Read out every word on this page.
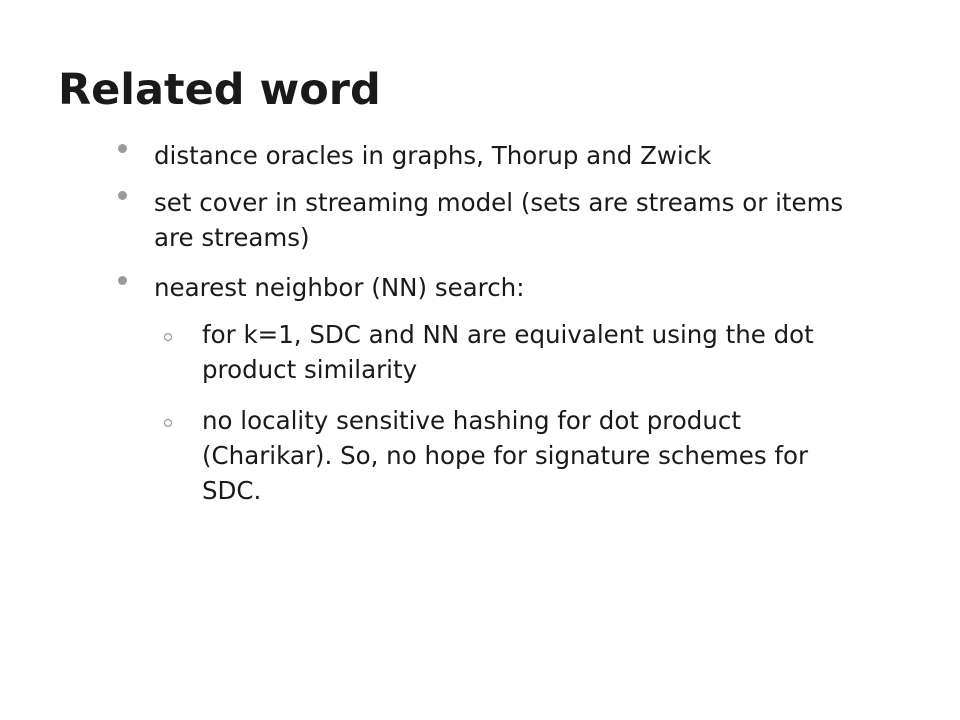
Related word
distance oracles in graphs, Thorup and Zwick
set cover in streaming model (sets are streams or items are streams)
nearest neighbor (NN) search:
for k=1, SDC and NN are equivalent using the dot product similarity
no locality sensitive hashing for dot product (Charikar). So, no hope for signature schemes for SDC.
